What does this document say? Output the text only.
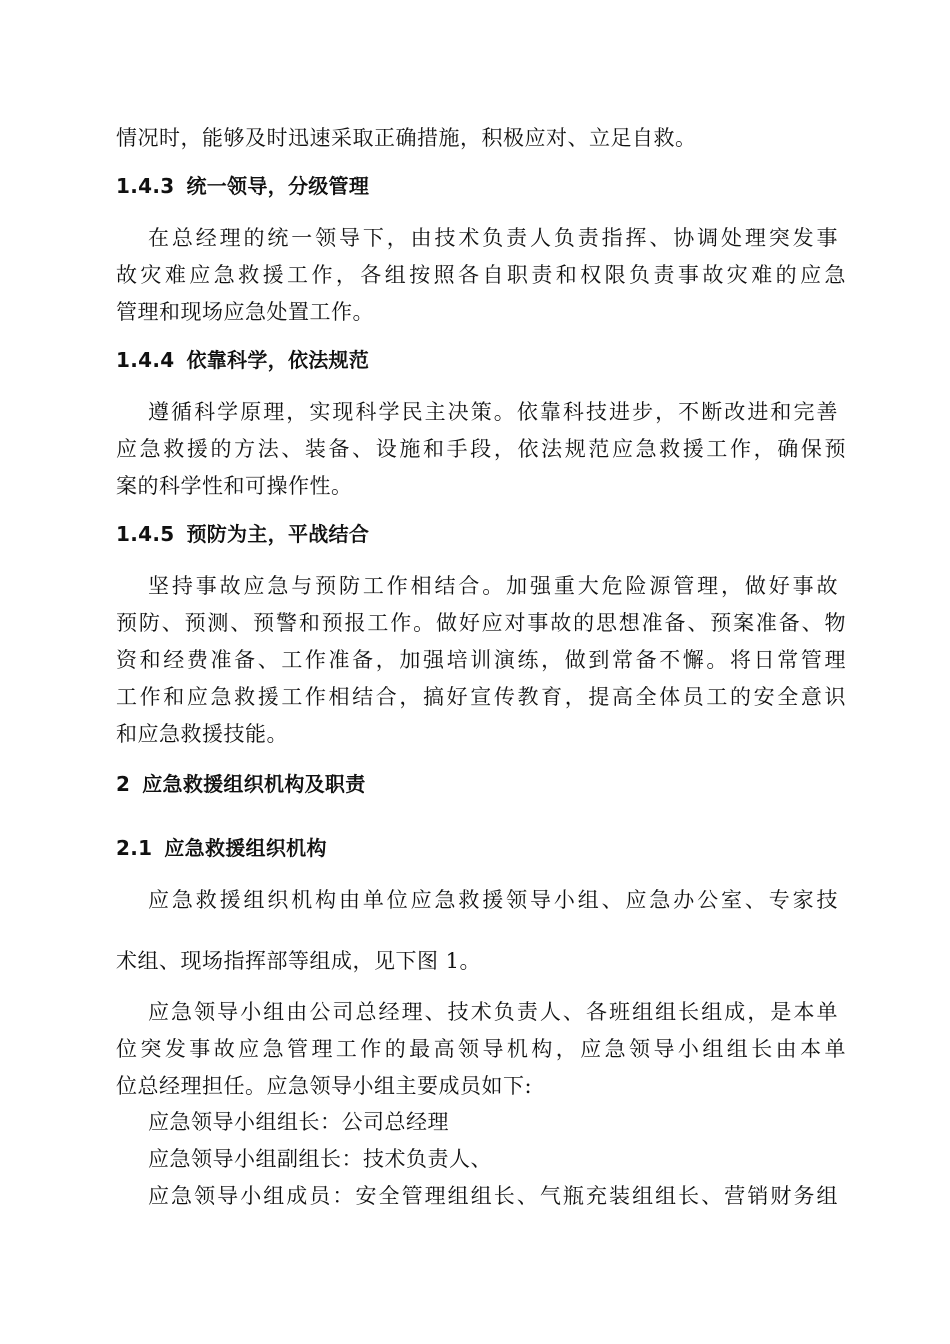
情况时，能够及时迅速采取正确措施，积极应对、立足自救。
1.4.3 统一领导，分级管理
在总经理的统一领导下，由技术负责人负责指挥、协调处理突发事
故灾难应急救援工作，各组按照各自职责和权限负责事故灾难的应急
管理和现场应急处置工作。
1.4.4 依靠科学，依法规范
遵循科学原理，实现科学民主决策。依靠科技进步，不断改进和完善
应急救援的方法、装备、设施和手段，依法规范应急救援工作，确保预
案的科学性和可操作性。
1.4.5 预防为主，平战结合
坚持事故应急与预防工作相结合。加强重大危险源管理，做好事故
预防、预测、预警和预报工作。做好应对事故的思想准备、预案准备、物
资和经费准备、工作准备，加强培训演练，做到常备不懈。将日常管理
工作和应急救援工作相结合，搞好宣传教育，提高全体员工的安全意识
和应急救援技能。
2 应急救援组织机构及职责
2.1 应急救援组织机构
应急救援组织机构由单位应急救援领导小组、应急办公室、专家技
术组、现场指挥部等组成，见下图 1。
应急领导小组由公司总经理、技术负责人、各班组组长组成，是本单
位突发事故应急管理工作的最高领导机构，应急领导小组组长由本单
位总经理担任。应急领导小组主要成员如下:
应急领导小组组长：公司总经理
应急领导小组副组长：技术负责人、
应急领导小组成员：安全管理组组长、气瓶充装组组长、营销财务组
